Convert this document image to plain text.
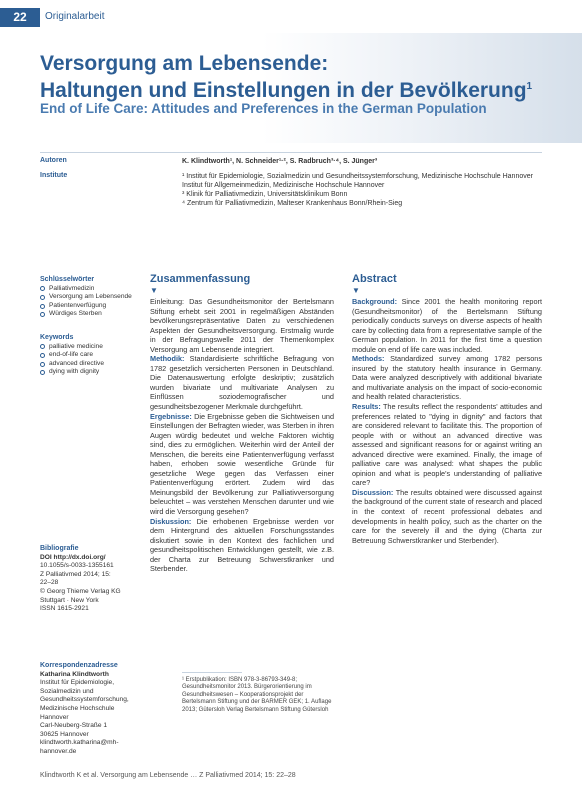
22	Originalarbeit
Versorgung am Lebensende:
Haltungen und Einstellungen in der Bevölkerung$^1$
End of Life Care: Attitudes and Preferences in the German Population
Autoren	K. Klindtworth¹, N. Schneider¹·², S. Radbruch³·⁴, S. Jünger³
Institute	¹ Institut für Epidemiologie, Sozialmedizin und Gesundheitssystemforschung, Medizinische Hochschule Hannover
Institut für Allgemeinmedizin, Medizinische Hochschule Hannover
³ Klinik für Palliativmedizin, Universitätsklinikum Bonn
⁴ Zentrum für Palliativmedizin, Malteser Krankenhaus Bonn/Rhein-Sieg
Schlüsselwörter
Palliativmedizin
Versorgung am Lebensende
Patientenverfügung
Würdiges Sterben
Keywords
palliative medicine
end-of-life care
advanced directive
dying with dignity
Bibliografie
DOI http://dx.doi.org/
10.1055/s-0033-1355161
Z Palliativmed 2014; 15:
22–28
© Georg Thieme Verlag KG
Stuttgart · New York
ISSN 1615-2921
Korrespondenzadresse
Katharina Klindtworth
Institut für Epidemiologie,
Sozialmedizin und
Gesundheitssystemforschung,
Medizinische Hochschule
Hannover
Carl-Neuberg-Straße 1
30625 Hannover
klindtworth.katharina@mh-
hannover.de
Zusammenfassung
▼

Einleitung: Das Gesundheitsmonitor der Bertelsmann Stiftung erhebt seit 2001 in regelmäßigen Abständen bevölkerungsrepräsentative Daten zu verschiedenen Aspekten der Gesundheitsversorgung. Erstmalig wurde in der Befragungswelle 2011 der Themenkomplex Versorgung am Lebensende integriert.

Methodik: Standardisierte schriftliche Befragung von 1782 gesetzlich versicherten Personen in Deutschland. Die Datenauswertung erfolgte deskriptiv; zusätzlich wurden bivariate und multivariate Analysen zu Einflüssen soziodemografischer und gesundheitsbezogener Merkmale durchgeführt.

Ergebnisse: Die Ergebnisse geben die Sichtweisen und Einstellungen der Befragten wieder, was Sterben in ihren Augen würdig bedeutet und welche Faktoren wichtig sind, dies zu ermöglichen. Weiterhin wird der Anteil der Menschen, die bereits eine Patientenverfügung verfasst haben, erhoben sowie wesentliche Gründe für gesetzliche Wege gegen das Verfassen einer Patientenverfügung erörtert. Zudem wird das Meinungsbild der Bevölkerung zur Palliativversorgung beleuchtet – was verstehen Menschen darunter und wie wird die Versorgung gesehen?

Diskussion: Die erhobenen Ergebnisse werden vor dem Hintergrund des aktuellen Forschungsstandes diskutiert sowie in den Kontext des fachlichen und gesundheitspolitischen Entwicklungen gestellt, wie z.B. der Charta zur Betreuung Schwerstkranker und Sterbender.

Abstract
▼

Background: Since 2001 the health monitoring report (Gesundheitsmonitor) of the Bertelsmann Stiftung periodically conducts surveys on diverse aspects of health care by collecting data from a representative sample of the German population. In 2011 for the first time a question module on end of life care was included.

Methods: Standardized survey among 1782 persons insured by the statutory health insurance in Germany. Data were analyzed descriptively with additional bivariate and multivariate analysis on the impact of socio-economic and health related characteristics.

Results: The results reflect the respondents' attitudes and preferences related to "dying in dignity" and factors that are considered relevant to facilitate this. The proportion of people with or without an advanced directive was assessed and significant reasons for or against writing an advanced directive were examined. Finally, the image of palliative care was analysed: what shapes the public opinion and what is people's understanding of palliative care?

Discussion: The results obtained were discussed against the background of the current state of research and placed in the context of recent professional debates and developments in health policy, such as the charter on the care for the severely ill and the dying (Charta zur Betreuung Schwerstkranker und Sterbender).

¹ Erstpublikation: ISBN 978-3-86793-349-8; Gesundheitsmonitor 2013. Bürgerorientierung im Gesundheitswesen – Kooperationsprojekt der Bertelsmann Stiftung und der BARMER GEK; 1. Auflage 2013; Gütersloh Verlag Bertelsmann Stiftung Gütersloh
Klindtworth K et al. Versorgung am Lebensende … Z Palliativmed 2014; 15: 22–28
